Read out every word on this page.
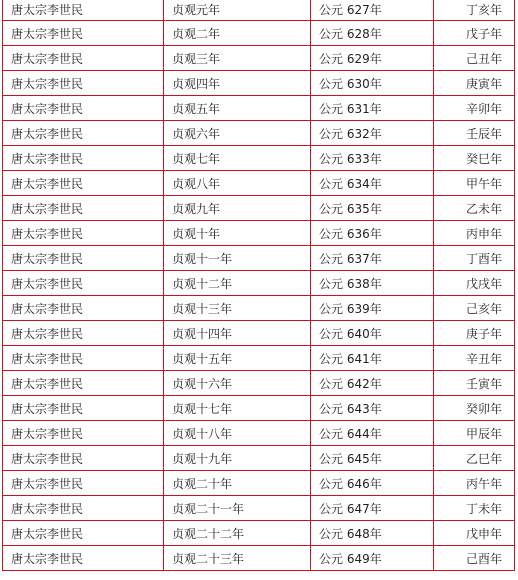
唐太宗李世民	贞观元年	公元 627年	丁亥年
唐太宗李世民	贞观二年	公元 628年	戊子年
唐太宗李世民	贞观三年	公元 629年	己丑年
唐太宗李世民	贞观四年	公元 630年	庚寅年
唐太宗李世民	贞观五年	公元 631年	辛卯年
唐太宗李世民	贞观六年	公元 632年	壬辰年
唐太宗李世民	贞观七年	公元 633年	癸巳年
唐太宗李世民	贞观八年	公元 634年	甲午年
唐太宗李世民	贞观九年	公元 635年	乙未年
唐太宗李世民	贞观十年	公元 636年	丙申年
唐太宗李世民	贞观十一年	公元 637年	丁酉年
唐太宗李世民	贞观十二年	公元 638年	戊戌年
唐太宗李世民	贞观十三年	公元 639年	己亥年
唐太宗李世民	贞观十四年	公元 640年	庚子年
唐太宗李世民	贞观十五年	公元 641年	辛丑年
唐太宗李世民	贞观十六年	公元 642年	壬寅年
唐太宗李世民	贞观十七年	公元 643年	癸卯年
唐太宗李世民	贞观十八年	公元 644年	甲辰年
唐太宗李世民	贞观十九年	公元 645年	乙巳年
唐太宗李世民	贞观二十年	公元 646年	丙午年
唐太宗李世民	贞观二十一年	公元 647年	丁未年
唐太宗李世民	贞观二十二年	公元 648年	戊申年
唐太宗李世民	贞观二十三年	公元 649年	己酉年
